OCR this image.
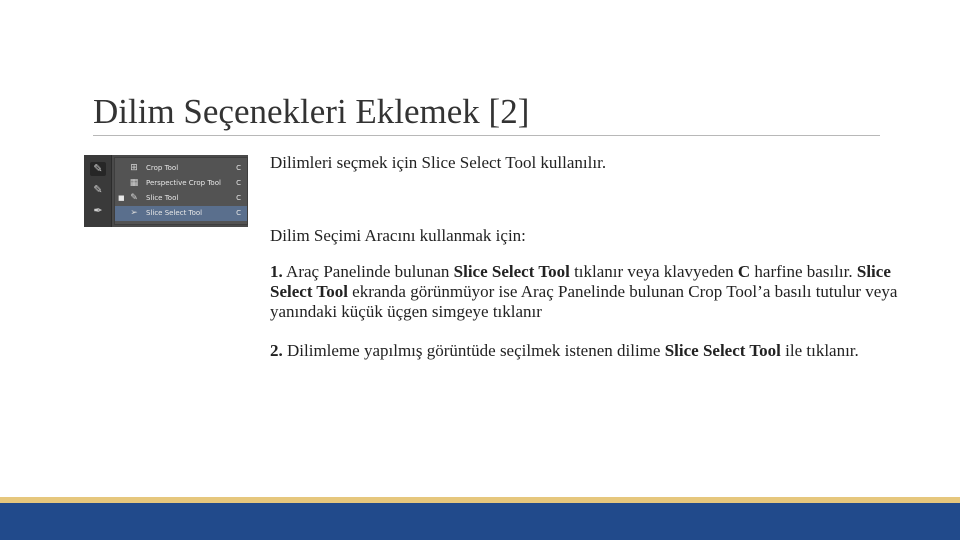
Dilim Seçenekleri Eklemek [2]
✎
✎
✒
⊞	Crop Tool	C
▦	Perspective Crop Tool C
■ ✎	Slice Tool	C
➢	Slice Select Tool	C
Dilimleri seçmek için Slice Select Tool kullanılır.
Dilim Seçimi Aracını kullanmak için:
1. Araç Panelinde bulunan Slice Select Tool tıklanır veya klavyeden C harfine basılır. Slice Select Tool ekranda görünmüyor ise Araç Panelinde bulunan Crop Tool’a basılı tutulur veya yanındaki küçük üçgen simgeye tıklanır
2. Dilimleme yapılmış görüntüde seçilmek istenen dilime Slice Select Tool ile tıklanır.
